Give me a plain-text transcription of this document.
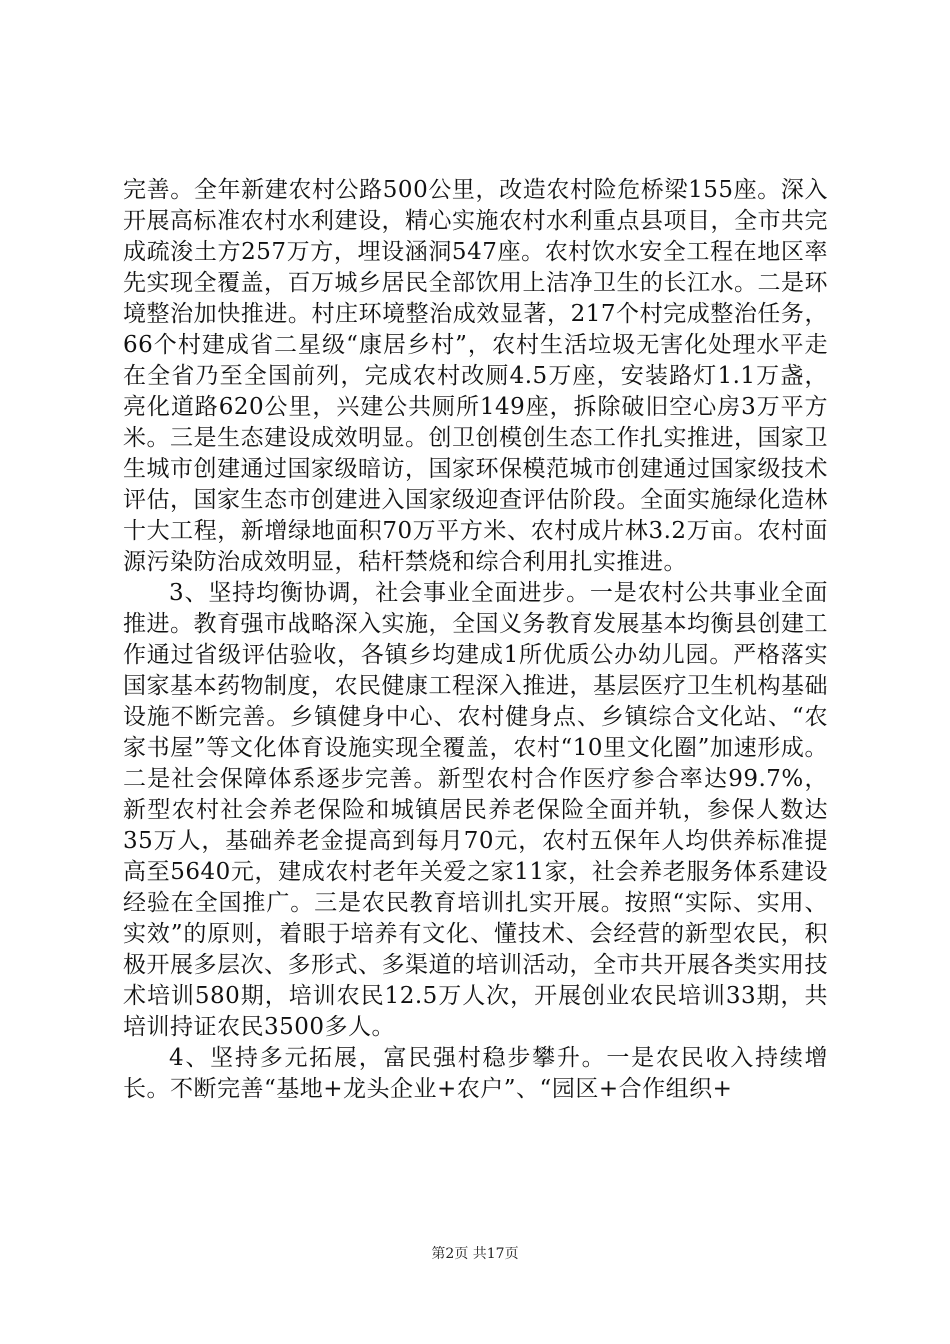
完善。全年新建农村公路500公里，改造农村险危桥梁155座。深入开展高标准农村水利建设，精心实施农村水利重点县项目，全市共完成疏浚土方257万方，埋设涵洞547座。农村饮水安全工程在地区率先实现全覆盖，百万城乡居民全部饮用上洁净卫生的长江水。二是环境整治加快推进。村庄环境整治成效显著，217个村完成整治任务，66个村建成省二星级“康居乡村”，农村生活垃圾无害化处理水平走在全省乃至全国前列，完成农村改厕4.5万座，安装路灯1.1万盏，亮化道路620公里，兴建公共厕所149座，拆除破旧空心房3万平方米。三是生态建设成效明显。创卫创模创生态工作扎实推进，国家卫生城市创建通过国家级暗访，国家环保模范城市创建通过国家级技术评估，国家生态市创建进入国家级迎查评估阶段。全面实施绿化造林十大工程，新增绿地面积70万平方米、农村成片林3.2万亩。农村面源污染防治成效明显，秸杆禁烧和综合利用扎实推进。

3、坚持均衡协调，社会事业全面进步。一是农村公共事业全面推进。教育强市战略深入实施，全国义务教育发展基本均衡县创建工作通过省级评估验收，各镇乡均建成1所优质公办幼儿园。严格落实国家基本药物制度，农民健康工程深入推进，基层医疗卫生机构基础设施不断完善。乡镇健身中心、农村健身点、乡镇综合文化站、“农家书屋”等文化体育设施实现全覆盖，农村“10里文化圈”加速形成。二是社会保障体系逐步完善。新型农村合作医疗参合率达99.7%，新型农村社会养老保险和城镇居民养老保险全面并轨，参保人数达35万人，基础养老金提高到每月70元，农村五保年人均供养标准提高至5640元，建成农村老年关爱之家11家，社会养老服务体系建设经验在全国推广。三是农民教育培训扎实开展。按照“实际、实用、实效”的原则，着眼于培养有文化、懂技术、会经营的新型农民，积极开展多层次、多形式、多渠道的培训活动，全市共开展各类实用技术培训580期，培训农民12.5万人次，开展创业农民培训33期，共培训持证农民3500多人。

4、坚持多元拓展，富民强村稳步攀升。一是农民收入持续增长。不断完善“基地+龙头企业+农户”、“园区+合作组织+

第2页 共17页
